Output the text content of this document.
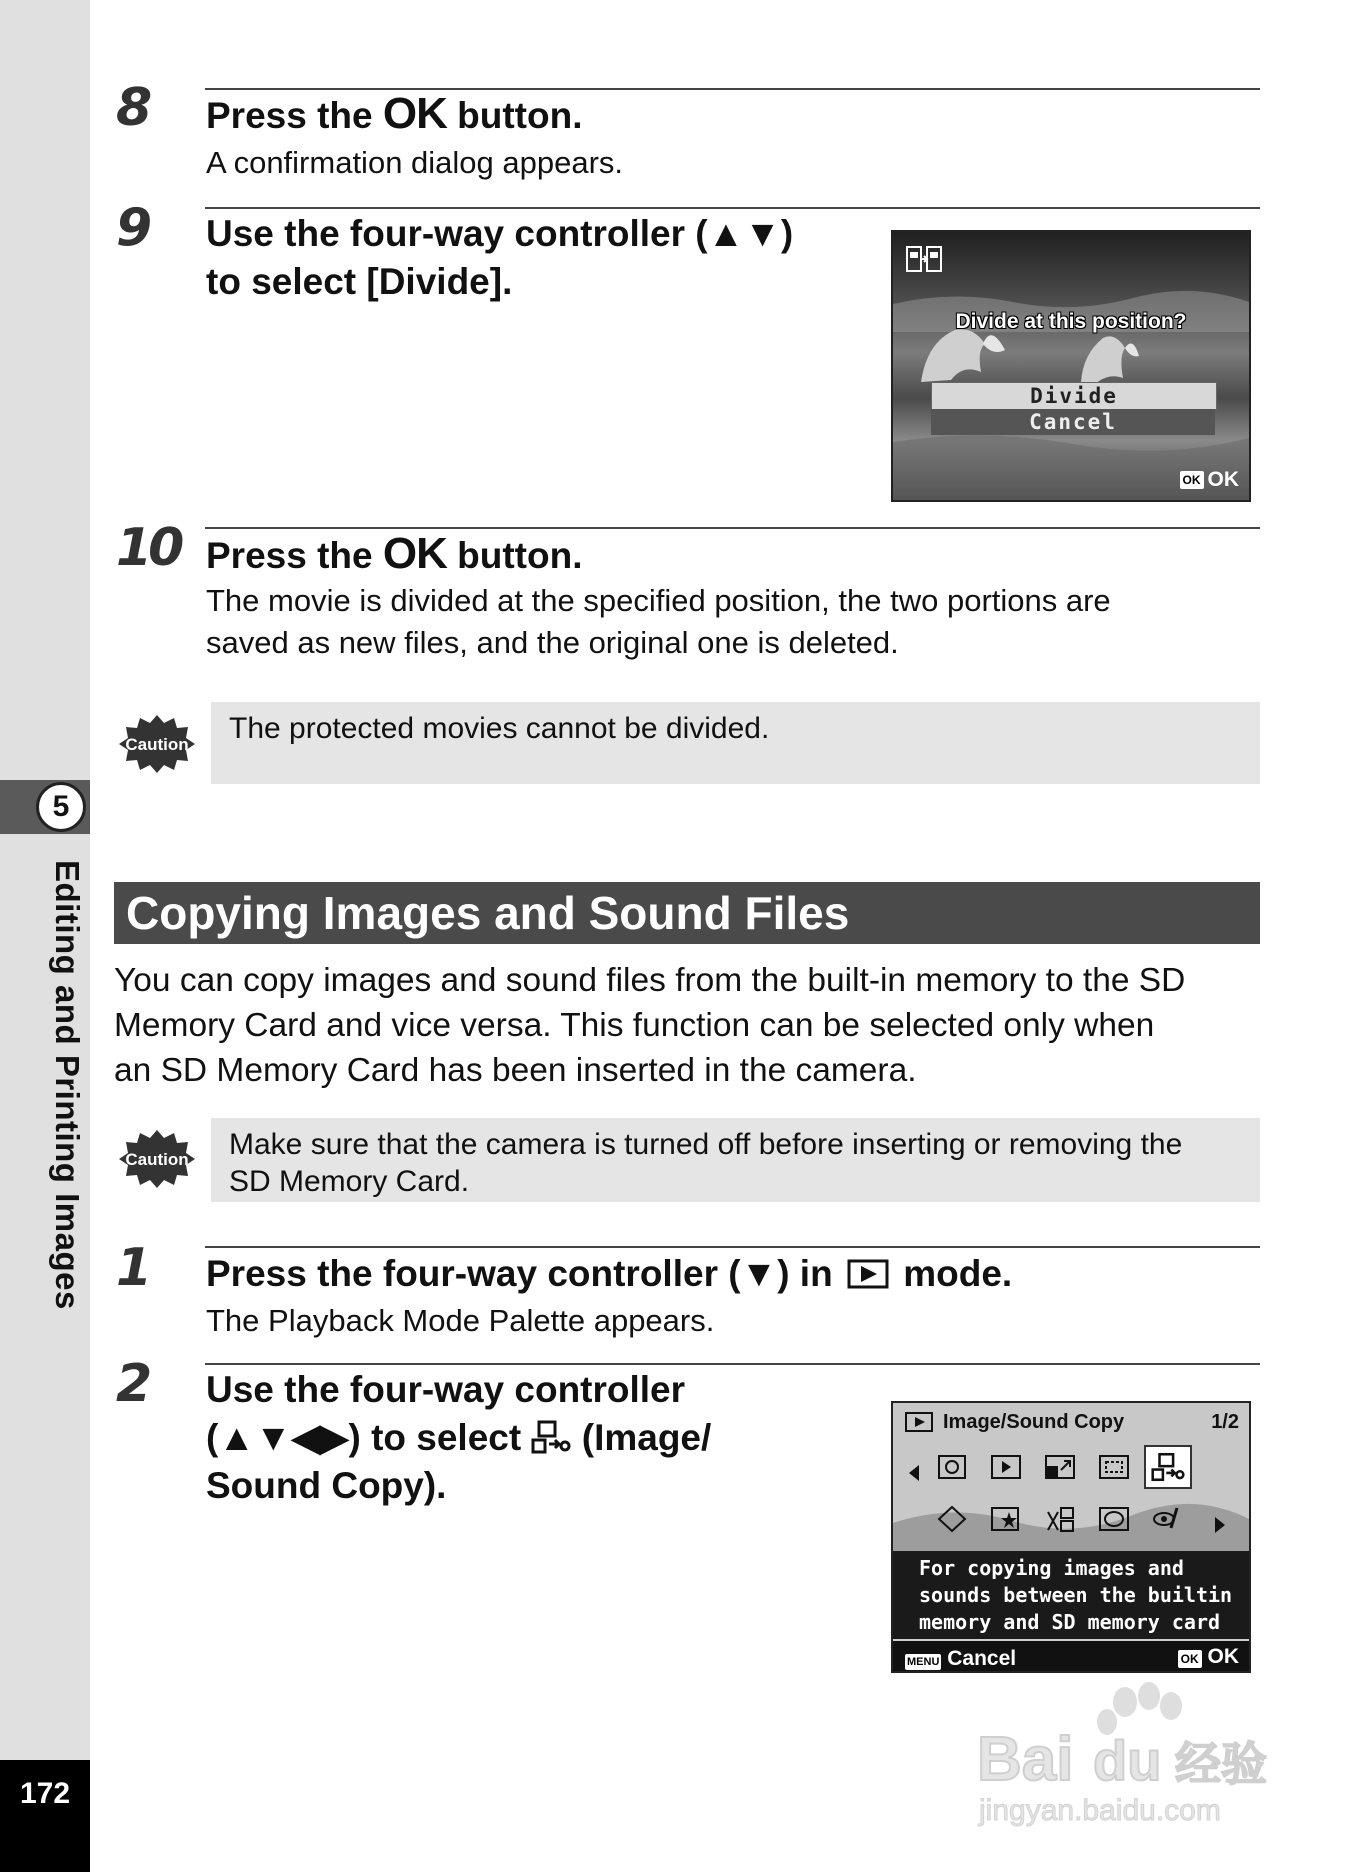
5
Editing and Printing Images
172
8 Press the OK button.
A confirmation dialog appears.
9 Use the four-way controller (▲▼)
to select [Divide].
Divide at this position?
Divide
Cancel
OK OK
10 Press the OK button.
The movie is divided at the specified position, the two portions are
saved as new files, and the original one is deleted.
Caution	The protected movies cannot be divided.
Copying Images and Sound Files
You can copy images and sound files from the built-in memory to the SD
Memory Card and vice versa. This function can be selected only when
an SD Memory Card has been inserted in the camera.
Caution Make sure that the camera is turned off before inserting or removing the
SD Memory Card.
1 Press the four-way controller (▼) in mode.
The Playback Mode Palette appears.
2 Use the four-way controller
(▲▼◀▶) to select (Image/
Sound Copy).
Image/Sound Copy	1/2
For copying images and
sounds between the builtin
memory and SD memory card
MENU Cancel	OK OK
Bai du 经验
jingyan.baidu.com
